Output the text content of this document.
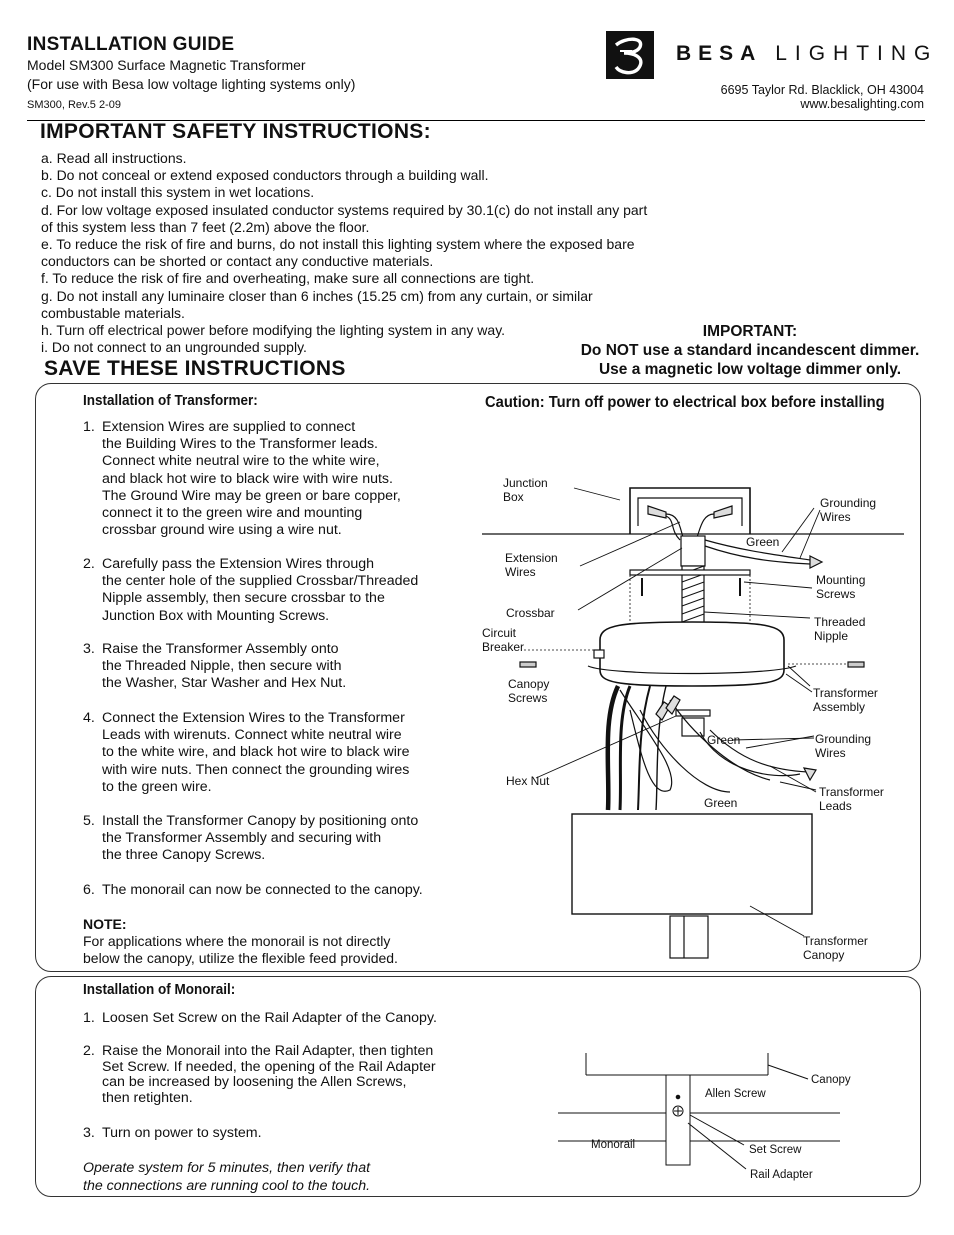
INSTALLATION GUIDE
Model SM300 Surface Magnetic Transformer
(For use with Besa low voltage lighting systems only)
SM300, Rev.5 2-09
BESA LIGHTING
6695 Taylor Rd. Blacklick, OH 43004
www.besalighting.com
IMPORTANT SAFETY INSTRUCTIONS:
a. Read all instructions.
b. Do not conceal or extend exposed conductors through a building wall.
c. Do not install this system in wet locations.
d. For low voltage exposed insulated conductor systems required by 30.1(c) do not install any part
of this system less than 7 feet (2.2m) above the floor.
e. To reduce the risk of fire and burns, do not install this lighting system where the exposed bare
conductors can be shorted or contact any conductive materials.
f. To reduce the risk of fire and overheating, make sure all connections are tight.
g. Do not install any luminaire closer than 6 inches (15.25 cm) from any curtain, or similar
combustable materials.
h. Turn off electrical power before modifying the lighting system in any way.
i. Do not connect to an ungrounded supply.
IMPORTANT:
Do NOT use a standard incandescent dimmer.
Use a magnetic low voltage dimmer only.
SAVE THESE INSTRUCTIONS
Installation of Transformer:	Caution: Turn off power to electrical box before installing
1. Extension Wires are supplied to connect
the Building Wires to the Transformer leads.
Connect white neutral wire to the white wire,
and black hot wire to black wire with wire nuts.
The Ground Wire may be green or bare copper,
connect it to the green wire and mounting
crossbar ground wire using a wire nut.
2. Carefully pass the Extension Wires through
the center hole of the supplied Crossbar/Threaded
Nipple assembly, then secure crossbar to the
Junction Box with Mounting Screws.
3. Raise the Transformer Assembly onto
the Threaded Nipple, then secure with
the Washer, Star Washer and Hex Nut.
4. Connect the Extension Wires to the Transformer
Leads with wirenuts. Connect white neutral wire
to the white wire, and black hot wire to black wire
with wire nuts. Then connect the grounding wires
to the green wire.
5. Install the Transformer Canopy by positioning onto
the Transformer Assembly and securing with
the three Canopy Screws.
6. The monorail can now be connected to the canopy.
NOTE:
For applications where the monorail is not directly
below the canopy, utilize the flexible feed provided.
Junction
Box	Grounding
Wires
Green
Extension
Wires
Mounting
Screws
Crossbar
Threaded
Nipple
Circuit
Breaker
Canopy
Screws	Transformer
Assembly
Green	Grounding
Wires
Hex Nut
Transformer
Leads
Green
Transformer
Canopy
Installation of Monorail:
1. Loosen Set Screw on the Rail Adapter of the Canopy.
2. Raise the Monorail into the Rail Adapter, then tighten
Set Screw. If needed, the opening of the Rail Adapter
can be increased by loosening the Allen Screws,
then retighten.
3. Turn on power to system.
Operate system for 5 minutes, then verify that
the connections are running cool to the touch.
Canopy
Allen Screw
Monorail	Set Screw
Rail Adapter
